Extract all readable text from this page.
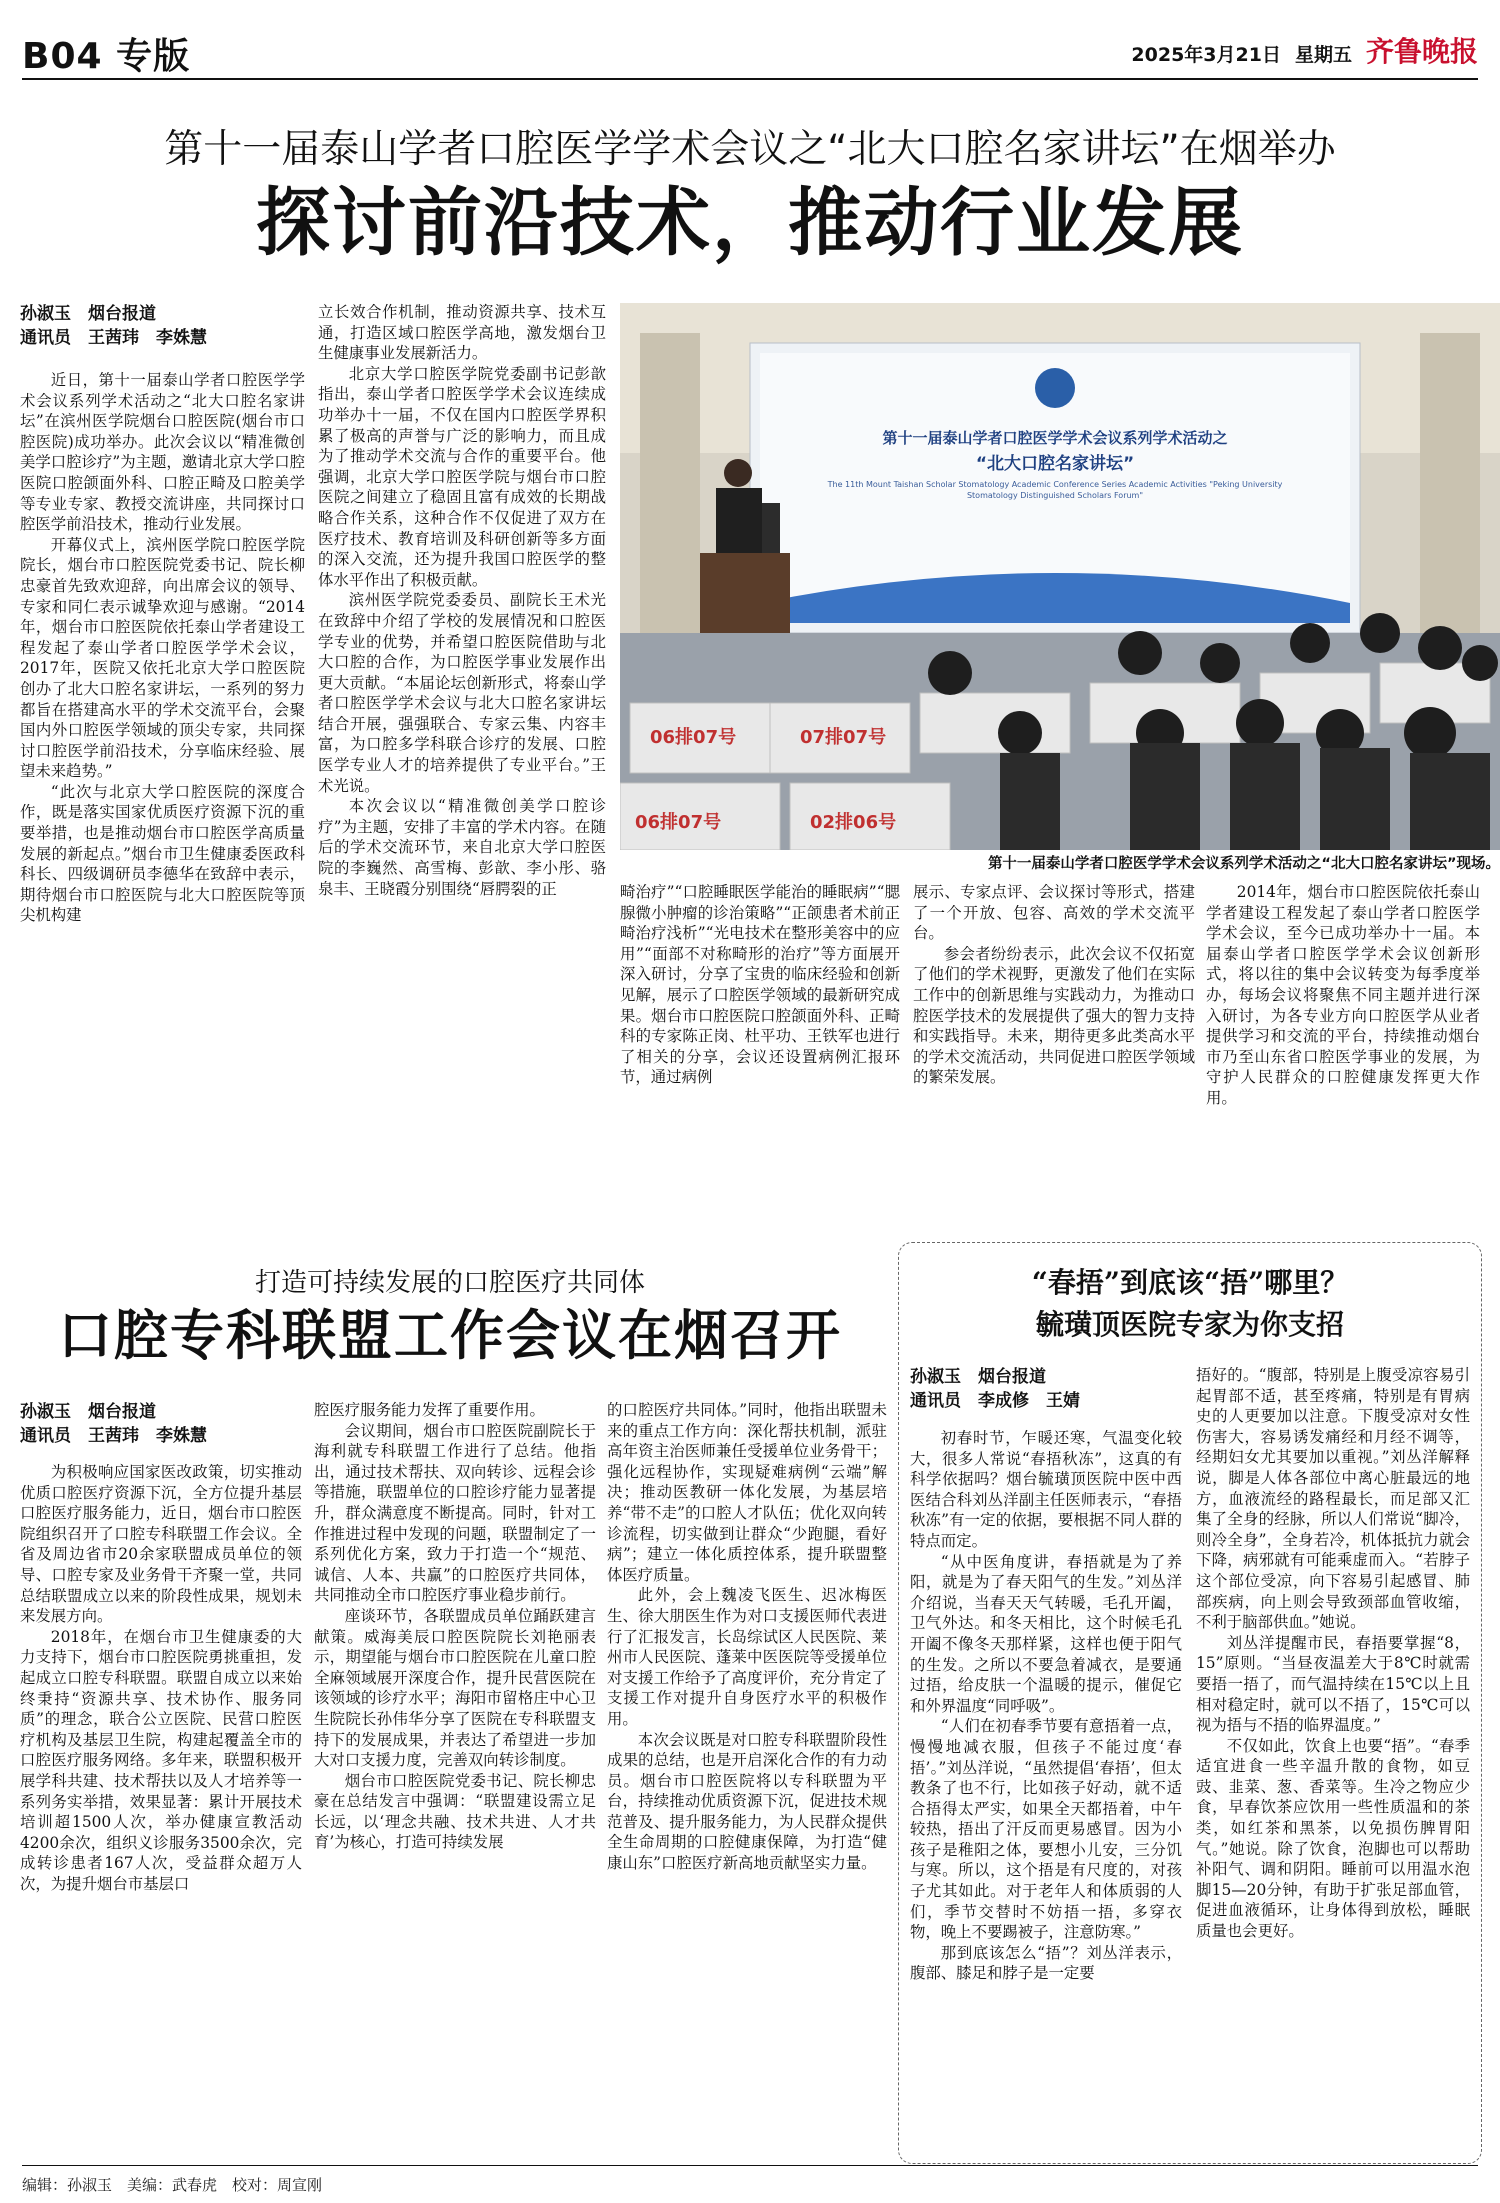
B04 专版	2025年3月21日 星期五 齐鲁晚报
第十一届泰山学者口腔医学学术会议之“北大口腔名家讲坛”在烟举办
探讨前沿技术，推动行业发展
孙淑玉　烟台报道
通讯员　王茜玮　李姝慧

近日，第十一届泰山学者口腔医学学术会议系列学术活动之“北大口腔名家讲坛”在滨州医学院烟台口腔医院(烟台市口腔医院)成功举办。此次会议以“精准微创美学口腔诊疗”为主题，邀请北京大学口腔医院口腔颌面外科、口腔正畸及口腔美学等专业专家、教授交流讲座，共同探讨口腔医学前沿技术，推动行业发展。

开幕仪式上，滨州医学院口腔医学院院长，烟台市口腔医院党委书记、院长柳忠豪首先致欢迎辞，向出席会议的领导、专家和同仁表示诚挚欢迎与感谢。“2014年，烟台市口腔医院依托泰山学者建设工程发起了泰山学者口腔医学学术会议，2017年，医院又依托北京大学口腔医院创办了北大口腔名家讲坛，一系列的努力都旨在搭建高水平的学术交流平台，会聚国内外口腔医学领域的顶尖专家，共同探讨口腔医学前沿技术，分享临床经验、展望未来趋势。”

“此次与北京大学口腔医院的深度合作，既是落实国家优质医疗资源下沉的重要举措，也是推动烟台市口腔医学高质量发展的新起点。”烟台市卫生健康委医政科科长、四级调研员李德华在致辞中表示，期待烟台市口腔医院与北大口腔医院等顶尖机构建

立长效合作机制，推动资源共享、技术互通，打造区域口腔医学高地，激发烟台卫生健康事业发展新活力。

北京大学口腔医学院党委副书记彭歆指出，泰山学者口腔医学学术会议连续成功举办十一届，不仅在国内口腔医学界积累了极高的声誉与广泛的影响力，而且成为了推动学术交流与合作的重要平台。他强调，北京大学口腔医学院与烟台市口腔医院之间建立了稳固且富有成效的长期战略合作关系，这种合作不仅促进了双方在医疗技术、教育培训及科研创新等多方面的深入交流，还为提升我国口腔医学的整体水平作出了积极贡献。

滨州医学院党委委员、副院长王术光在致辞中介绍了学校的发展情况和口腔医学专业的优势，并希望口腔医院借助与北大口腔的合作，为口腔医学事业发展作出更大贡献。“本届论坛创新形式，将泰山学者口腔医学学术会议与北大口腔名家讲坛结合开展，强强联合、专家云集、内容丰富，为口腔多学科联合诊疗的发展、口腔医学专业人才的培养提供了专业平台。”王术光说。

本次会议以“精准微创美学口腔诊疗”为主题，安排了丰富的学术内容。在随后的学术交流环节，来自北京大学口腔医院的李巍然、高雪梅、彭歆、李小彤、骆泉丰、王晓霞分别围绕“唇腭裂的正

第十一届泰山学者口腔医学学术会议系列学术活动之
“北大口腔名家讲坛”
The 11th Mount Taishan Scholar Stomatology Academic Conference Series Academic Activities "Peking University Stomatology Distinguished Scholars Forum"
06排07号	07排07号
06排07号	02排06号
第十一届泰山学者口腔医学学术会议系列学术活动之“北大口腔名家讲坛”现场。

畸治疗”“口腔睡眠医学能治的睡眠病”“腮腺微小肿瘤的诊治策略”“正颌患者术前正畸治疗浅析”“光电技术在整形美容中的应用”“面部不对称畸形的治疗”等方面展开深入研讨，分享了宝贵的临床经验和创新见解，展示了口腔医学领域的最新研究成果。烟台市口腔医院口腔颌面外科、正畸科的专家陈正岗、杜平功、王铁军也进行了相关的分享，会议还设置病例汇报环节，通过病例

展示、专家点评、会议探讨等形式，搭建了一个开放、包容、高效的学术交流平台。

参会者纷纷表示，此次会议不仅拓宽了他们的学术视野，更激发了他们在实际工作中的创新思维与实践动力，为推动口腔医学技术的发展提供了强大的智力支持和实践指导。未来，期待更多此类高水平的学术交流活动，共同促进口腔医学领域的繁荣发展。

2014年，烟台市口腔医院依托泰山学者建设工程发起了泰山学者口腔医学学术会议，至今已成功举办十一届。本届泰山学者口腔医学学术会议创新形式，将以往的集中会议转变为每季度举办，每场会议将聚焦不同主题并进行深入研讨，为各专业方向口腔医学从业者提供学习和交流的平台，持续推动烟台市乃至山东省口腔医学事业的发展，为守护人民群众的口腔健康发挥更大作用。

打造可持续发展的口腔医疗共同体
口腔专科联盟工作会议在烟召开
孙淑玉　烟台报道
通讯员　王茜玮　李姝慧

为积极响应国家医改政策，切实推动优质口腔医疗资源下沉，全方位提升基层口腔医疗服务能力，近日，烟台市口腔医院组织召开了口腔专科联盟工作会议。全省及周边省市20余家联盟成员单位的领导、口腔专家及业务骨干齐聚一堂，共同总结联盟成立以来的阶段性成果，规划未来发展方向。

2018年，在烟台市卫生健康委的大力支持下，烟台市口腔医院勇挑重担，发起成立口腔专科联盟。联盟自成立以来始终秉持“资源共享、技术协作、服务同质”的理念，联合公立医院、民营口腔医疗机构及基层卫生院，构建起覆盖全市的口腔医疗服务网络。多年来，联盟积极开展学科共建、技术帮扶以及人才培养等一系列务实举措，效果显著：累计开展技术培训超1500人次，举办健康宣教活动4200余次，组织义诊服务3500余次，完成转诊患者167人次，受益群众超万人次，为提升烟台市基层口

腔医疗服务能力发挥了重要作用。

会议期间，烟台市口腔医院副院长于海利就专科联盟工作进行了总结。他指出，通过技术帮扶、双向转诊、远程会诊等措施，联盟单位的口腔诊疗能力显著提升，群众满意度不断提高。同时，针对工作推进过程中发现的问题，联盟制定了一系列优化方案，致力于打造一个“规范、诚信、人本、共赢”的口腔医疗共同体，共同推动全市口腔医疗事业稳步前行。

座谈环节，各联盟成员单位踊跃建言献策。威海美辰口腔医院院长刘艳丽表示，期望能与烟台市口腔医院在儿童口腔全麻领域展开深度合作，提升民营医院在该领域的诊疗水平；海阳市留格庄中心卫生院院长孙伟华分享了医院在专科联盟支持下的发展成果，并表达了希望进一步加大对口支援力度，完善双向转诊制度。

烟台市口腔医院党委书记、院长柳忠豪在总结发言中强调：“联盟建设需立足长远，以‘理念共融、技术共进、人才共育’为核心，打造可持续发展

的口腔医疗共同体。”同时，他指出联盟未来的重点工作方向：深化帮扶机制，派驻高年资主治医师兼任受援单位业务骨干；强化远程协作，实现疑难病例“云端”解决；推动医教研一体化发展，为基层培养“带不走”的口腔人才队伍；优化双向转诊流程，切实做到让群众“少跑腿，看好病”；建立一体化质控体系，提升联盟整体医疗质量。

此外，会上魏凌飞医生、迟冰梅医生、徐大朋医生作为对口支援医师代表进行了汇报发言，长岛综试区人民医院、莱州市人民医院、蓬莱中医医院等受援单位对支援工作给予了高度评价，充分肯定了支援工作对提升自身医疗水平的积极作用。

本次会议既是对口腔专科联盟阶段性成果的总结，也是开启深化合作的有力动员。烟台市口腔医院将以专科联盟为平台，持续推动优质资源下沉，促进技术规范普及、提升服务能力，为人民群众提供全生命周期的口腔健康保障，为打造“健康山东”口腔医疗新高地贡献坚实力量。

“春捂”到底该“捂”哪里？
毓璜顶医院专家为你支招
孙淑玉　烟台报道
通讯员　李成修　王婧

初春时节，乍暖还寒，气温变化较大，很多人常说“春捂秋冻”，这真的有科学依据吗？烟台毓璜顶医院中医中西医结合科刘丛洋副主任医师表示，“春捂秋冻”有一定的依据，要根据不同人群的特点而定。

“从中医角度讲，春捂就是为了养阳，就是为了春天阳气的生发。”刘丛洋介绍说，当春天天气转暖，毛孔开阖，卫气外达。和冬天相比，这个时候毛孔开阖不像冬天那样紧，这样也便于阳气的生发。之所以不要急着减衣，是要通过捂，给皮肤一个温暖的提示，催促它和外界温度“同呼吸”。

“人们在初春季节要有意捂着一点，慢慢地减衣服，但孩子不能过度‘春捂’。”刘丛洋说，“虽然提倡‘春捂’，但太教条了也不行，比如孩子好动，就不适合捂得太严实，如果全天都捂着，中午较热，捂出了汗反而更易感冒。因为小孩子是稚阳之体，要想小儿安，三分饥与寒。所以，这个捂是有尺度的，对孩子尤其如此。对于老年人和体质弱的人们，季节交替时不妨捂一捂，多穿衣物，晚上不要踢被子，注意防寒。”

那到底该怎么“捂”？刘丛洋表示，腹部、膝足和脖子是一定要

捂好的。“腹部，特别是上腹受凉容易引起胃部不适，甚至疼痛，特别是有胃病史的人更要加以注意。下腹受凉对女性伤害大，容易诱发痛经和月经不调等，经期妇女尤其要加以重视。”刘丛洋解释说，脚是人体各部位中离心脏最远的地方，血液流经的路程最长，而足部又汇集了全身的经脉，所以人们常说“脚冷，则冷全身”，全身若冷，机体抵抗力就会下降，病邪就有可能乘虚而入。“若脖子这个部位受凉，向下容易引起感冒、肺部疾病，向上则会导致颈部血管收缩，不利于脑部供血。”她说。

刘丛洋提醒市民，春捂要掌握“8，15”原则。“当昼夜温差大于8℃时就需要捂一捂了，而气温持续在15℃以上且相对稳定时，就可以不捂了，15℃可以视为捂与不捂的临界温度。”

不仅如此，饮食上也要“捂”。“春季适宜进食一些辛温升散的食物，如豆豉、韭菜、葱、香菜等。生冷之物应少食，早春饮茶应饮用一些性质温和的茶类，如红茶和黑茶，以免损伤脾胃阳气。”她说。除了饮食，泡脚也可以帮助补阳气、调和阴阳。睡前可以用温水泡脚15—20分钟，有助于扩张足部血管，促进血液循环，让身体得到放松，睡眠质量也会更好。

编辑：孙淑玉　美编：武春虎　校对：周宣刚
